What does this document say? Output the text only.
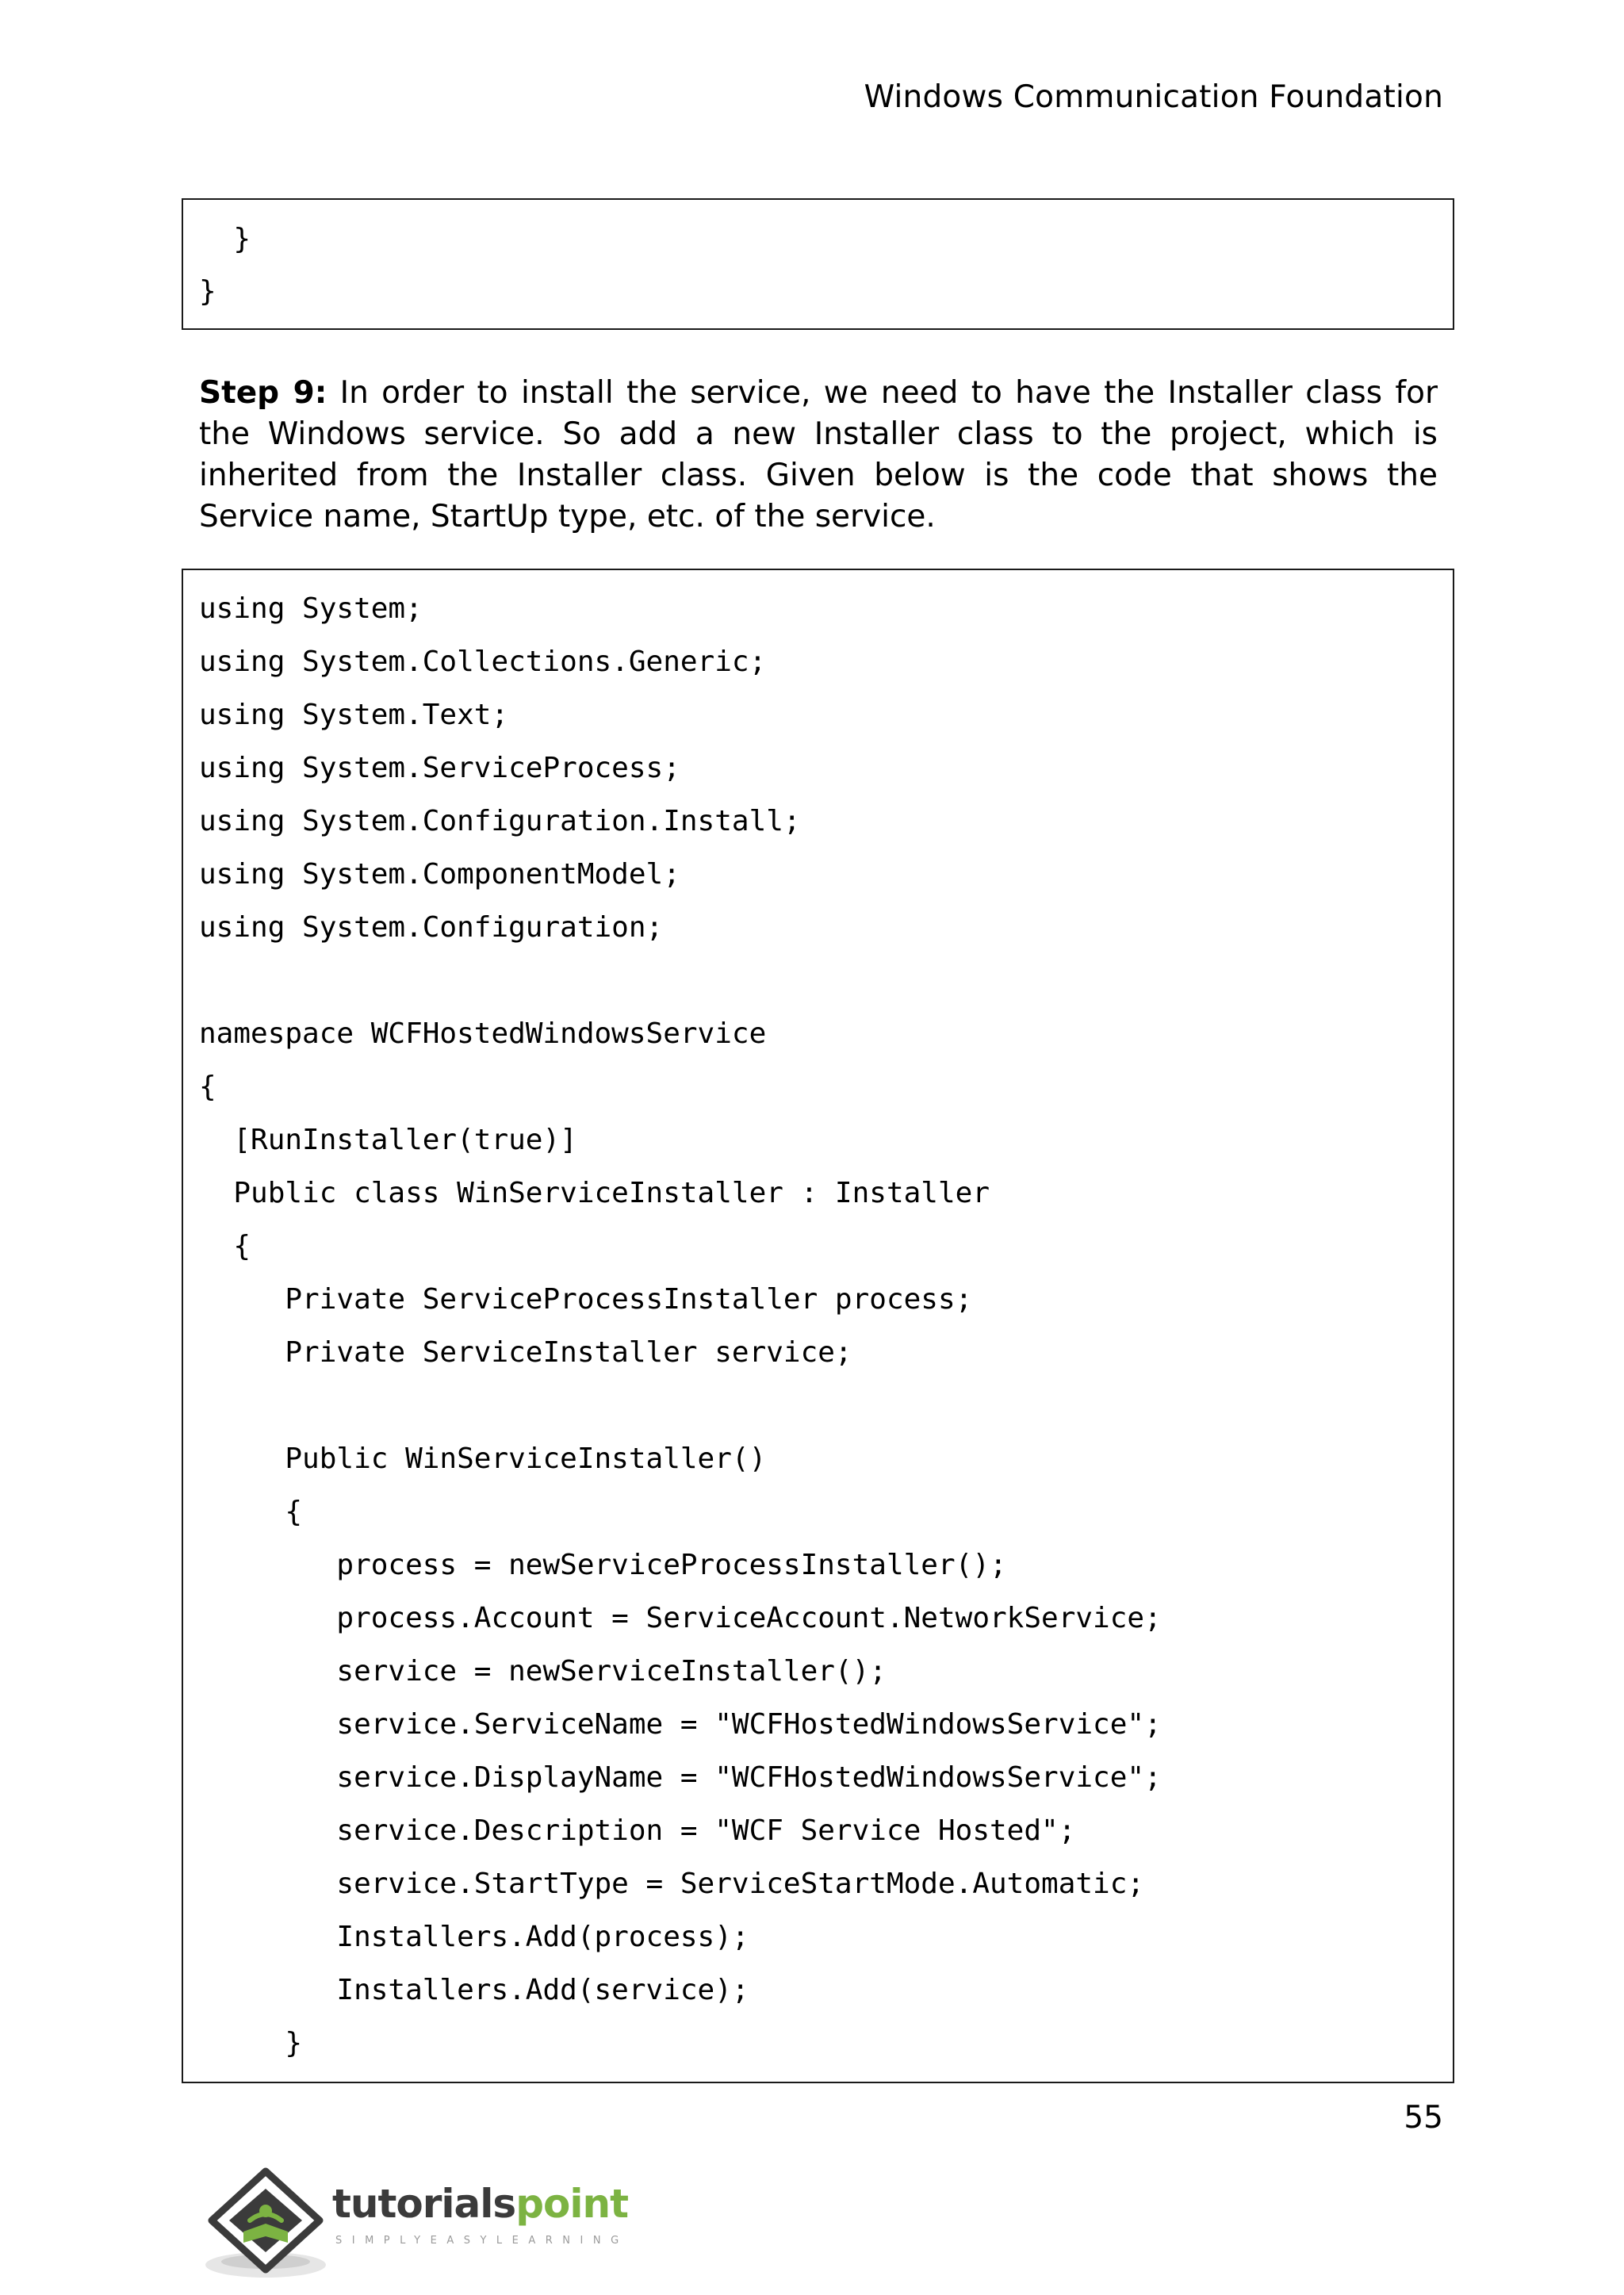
Windows Communication Foundation
}
}
Step 9: In order to install the service, we need to have the Installer class for the Windows service. So add a new Installer class to the project, which is inherited from the Installer class. Given below is the code that shows the Service name, StartUp type, etc. of the service.
using System;
using System.Collections.Generic;
using System.Text;
using System.ServiceProcess;
using System.Configuration.Install;
using System.ComponentModel;
using System.Configuration;
namespace WCFHostedWindowsService
{
[RunInstaller(true)]
Public class WinServiceInstaller : Installer
{
Private ServiceProcessInstaller process;
Private ServiceInstaller service;
Public WinServiceInstaller()
{
process = newServiceProcessInstaller();
process.Account = ServiceAccount.NetworkService;
service = newServiceInstaller();
service.ServiceName = "WCFHostedWindowsService";
service.DisplayName = "WCFHostedWindowsService";
service.Description = "WCF Service Hosted";
service.StartType = ServiceStartMode.Automatic;
Installers.Add(process);
Installers.Add(service);
}
55
tutorialspoint
SIMPLYEASYLEARNING
